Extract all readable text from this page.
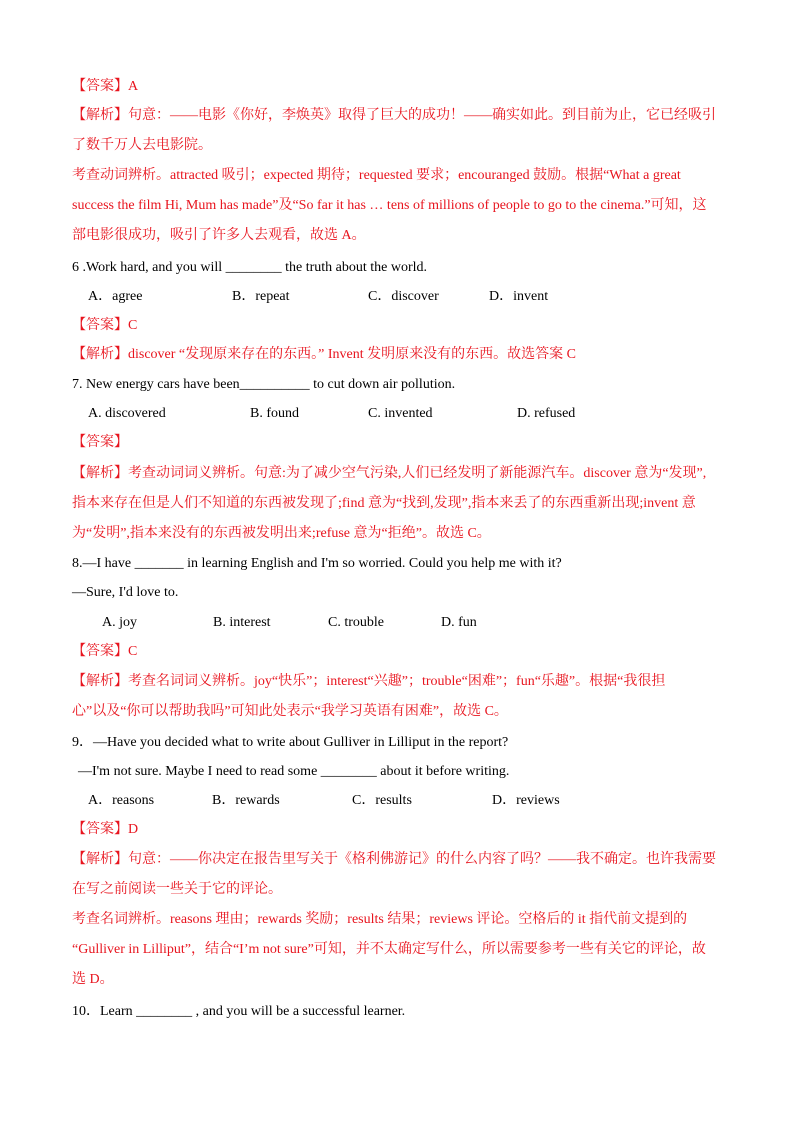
【答案】A
【解析】句意：——电影《你好，李焕英》取得了巨大的成功！——确实如此。到目前为止，它已经吸引
了数千万人去电影院。
考查动词辨析。attracted 吸引；expected 期待；requested 要求；encouranged 鼓励。根据“What a great
success the film Hi, Mum has made”及“So far it has … tens of millions of people to go to the cinema.”可知，这
部电影很成功，吸引了许多人去观看，故选 A。
6 .Work hard, and you will ________ the truth about the world.
A．agree	B．repeat	C．discover	D．invent
【答案】C
【解析】discover “发现原来存在的东西。” Invent 发明原来没有的东西。故选答案 C
7. New energy cars have been__________ to cut down air pollution.
A. discovered	B. found	C. invented	D. refused
【答案】
【解析】考查动词词义辨析。句意:为了减少空气污染,人们已经发明了新能源汽车。discover 意为“发现”,
指本来存在但是人们不知道的东西被发现了;find 意为“找到,发现”,指本来丢了的东西重新出现;invent 意
为“发明”,指本来没有的东西被发明出来;refuse 意为“拒绝”。故选 C。
8.—I have _______ in learning English and I'm so worried. Could you help me with it?
—Sure, I'd love to.
A. joy	B. interest	C. trouble	D. fun
【答案】C
【解析】考查名词词义辨析。joy“快乐”；interest“兴趣”；trouble“困难”；fun“乐趣”。根据“我很担
心”以及“你可以帮助我吗”可知此处表示“我学习英语有困难”，故选 C。
9．—Have you decided what to write about Gulliver in Lilliput in the report?
—I'm not sure. Maybe I need to read some ________ about it before writing.
A．reasons	B．rewards	C．results	D．reviews
【答案】D
【解析】句意：——你决定在报告里写关于《格利佛游记》的什么内容了吗？——我不确定。也许我需要
在写之前阅读一些关于它的评论。
考查名词辨析。reasons 理由；rewards 奖励；results 结果；reviews 评论。空格后的 it 指代前文提到的
“Gulliver in Lilliput”，结合“I’m not sure”可知，并不太确定写什么，所以需要参考一些有关它的评论，故
选 D。
10．Learn ________ , and you will be a successful learner.
